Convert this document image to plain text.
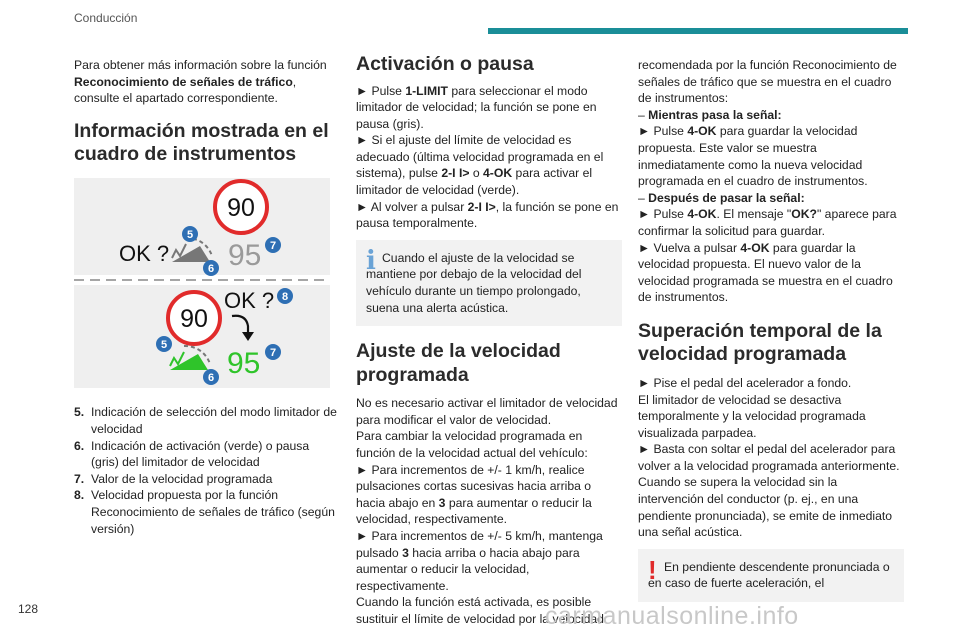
Conducción

Para obtener más información sobre la función Reconocimiento de señales de tráfico, consulte el apartado correspondiente.

Información mostrada en el cuadro de instrumentos

90
OK ? 95
5
6
7
90
OK ?
95
5
6
7
8
5. Indicación de selección del modo limitador de velocidad
6. Indicación de activación (verde) o pausa (gris) del limitador de velocidad
7. Valor de la velocidad programada
8. Velocidad propuesta por la función Reconocimiento de señales de tráfico (según versión)

Activación o pausa

► Pulse 1-LIMIT para seleccionar el modo limitador de velocidad; la función se pone en pausa (gris).

► Si el ajuste del límite de velocidad es adecuado (última velocidad programada en el sistema), pulse 2-I I> o 4-OK para activar el limitador de velocidad (verde).

► Al volver a pulsar 2-I I>, la función se pone en pausa temporalmente.

i Cuando el ajuste de la velocidad se mantiene por debajo de la velocidad del vehículo durante un tiempo prolongado, suena una alerta acústica.

Ajuste de la velocidad programada

No es necesario activar el limitador de velocidad para modificar el valor de velocidad.

Para cambiar la velocidad programada en función de la velocidad actual del vehículo:

► Para incrementos de +/- 1 km/h, realice pulsaciones cortas sucesivas hacia arriba o hacia abajo en 3 para aumentar o reducir la velocidad, respectivamente.

► Para incrementos de +/- 5 km/h, mantenga pulsado 3 hacia arriba o hacia abajo para aumentar o reducir la velocidad, respectivamente.

Cuando la función está activada, es posible sustituir el límite de velocidad por la velocidad

recomendada por la función Reconocimiento de señales de tráfico que se muestra en el cuadro de instrumentos:

– Mientras pasa la señal:

► Pulse 4-OK para guardar la velocidad propuesta. Este valor se muestra inmediatamente como la nueva velocidad programada en el cuadro de instrumentos.

– Después de pasar la señal:

► Pulse 4-OK. El mensaje "OK?" aparece para confirmar la solicitud para guardar.

► Vuelva a pulsar 4-OK para guardar la velocidad propuesta. El nuevo valor de la velocidad programada se muestra en el cuadro de instrumentos.

Superación temporal de la velocidad programada

► Pise el pedal del acelerador a fondo.

El limitador de velocidad se desactiva temporalmente y la velocidad programada visualizada parpadea.

► Basta con soltar el pedal del acelerador para volver a la velocidad programada anteriormente.

Cuando se supera la velocidad sin la intervención del conductor (p. ej., en una pendiente pronunciada), se emite de inmediato una señal acústica.

! En pendiente descendente pronunciada o en caso de fuerte aceleración, el

128	carmanualsonline.info
